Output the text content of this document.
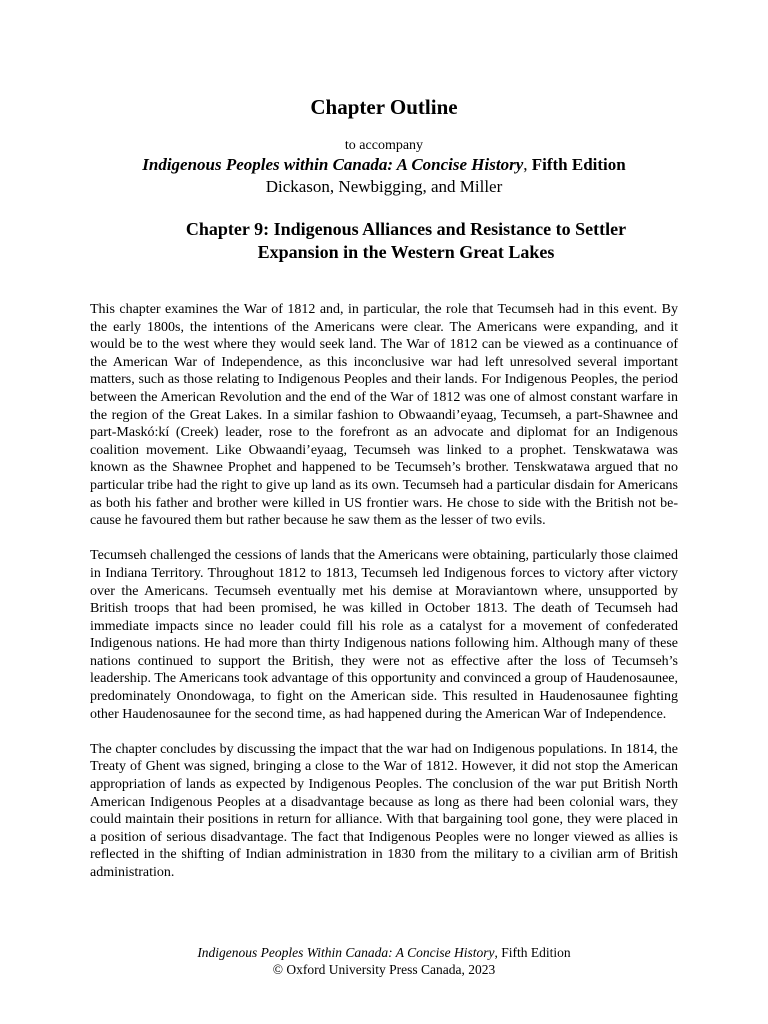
Chapter Outline
to accompany
Indigenous Peoples within Canada: A Concise History, Fifth Edition
Dickason, Newbigging, and Miller
Chapter 9: Indigenous Alliances and Resistance to Settler Expansion in the Western Great Lakes

This chapter examines the War of 1812 and, in particular, the role that Tecumseh had in this event. By the early 1800s, the intentions of the Americans were clear. The Americans were expanding, and it would be to the west where they would seek land. The War of 1812 can be viewed as a continuance of the American War of Independence, as this inconclusive war had left unresolved several important matters, such as those relating to Indigenous Peoples and their lands. For Indigenous Peoples, the period between the American Revolution and the end of the War of 1812 was one of almost constant warfare in the region of the Great Lakes. In a similar fashion to Obwaandi’eyaag, Tecumseh, a part-Shawnee and part-Maskó:kí (Creek) leader, rose to the forefront as an advocate and diplomat for an Indigenous coalition movement. Like Obwaandi’eyaag, Tecumseh was linked to a prophet. Tenskwatawa was known as the Shawnee Prophet and happened to be Tecumseh’s brother. Tenskwatawa argued that no particular tribe had the right to give up land as its own. Tecumseh had a particular disdain for Americans as both his father and brother were killed in US frontier wars. He chose to side with the British not because he favoured them but rather because he saw them as the lesser of two evils.

Tecumseh challenged the cessions of lands that the Americans were obtaining, particularly those claimed in Indiana Territory. Throughout 1812 to 1813, Tecumseh led Indigenous forces to victory after victory over the Americans. Tecumseh eventually met his demise at Moraviantown where, unsupported by British troops that had been promised, he was killed in October 1813. The death of Tecumseh had immediate impacts since no leader could fill his role as a catalyst for a movement of confederated Indigenous nations. He had more than thirty Indigenous nations following him. Although many of these nations continued to support the British, they were not as effective after the loss of Tecumseh’s leadership. The Americans took advantage of this opportunity and convinced a group of Haudenosaunee, predominately Onondowaga, to fight on the American side. This resulted in Haudenosaunee fighting other Haudenosaunee for the second time, as had happened during the American War of Independence.

The chapter concludes by discussing the impact that the war had on Indigenous populations. In 1814, the Treaty of Ghent was signed, bringing a close to the War of 1812. However, it did not stop the American appropriation of lands as expected by Indigenous Peoples. The conclusion of the war put British North American Indigenous Peoples at a disadvantage because as long as there had been colonial wars, they could maintain their positions in return for alliance. With that bargaining tool gone, they were placed in a position of serious disadvantage. The fact that Indigenous Peoples were no longer viewed as allies is reflected in the shifting of Indian administration in 1830 from the military to a civilian arm of British administration.

Indigenous Peoples Within Canada: A Concise History, Fifth Edition
© Oxford University Press Canada, 2023
